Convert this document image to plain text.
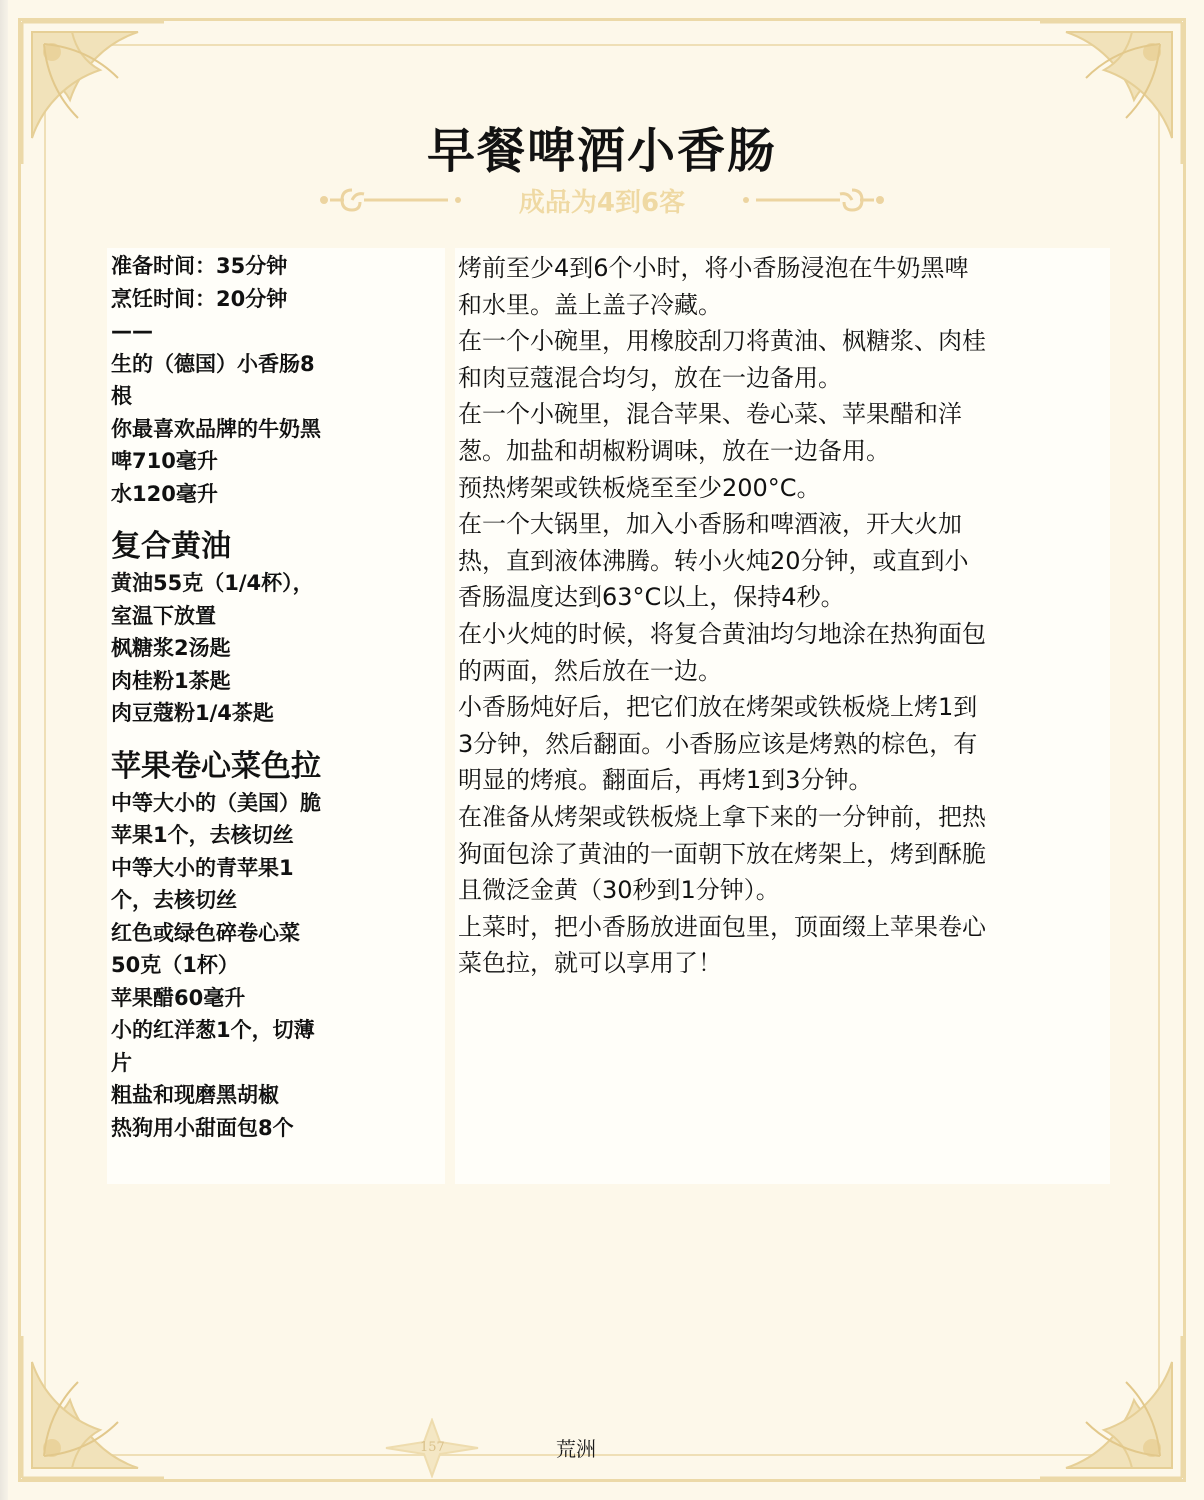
早餐啤酒小香肠
成品为4到6客
准备时间：35分钟
烹饪时间：20分钟
——
生的（德国）小香肠8
根
你最喜欢品牌的牛奶黑
啤710毫升
水120毫升
复合黄油
黄油55克（1/4杯），
室温下放置
枫糖浆2汤匙
肉桂粉1茶匙
肉豆蔻粉1/4茶匙
苹果卷心菜色拉
中等大小的（美国）脆
苹果1个，去核切丝
中等大小的青苹果1
个，去核切丝
红色或绿色碎卷心菜
50克（1杯）
苹果醋60毫升
小的红洋葱1个，切薄
片
粗盐和现磨黑胡椒
热狗用小甜面包8个
烤前至少4到6个小时，将小香肠浸泡在牛奶黑啤
和水里。盖上盖子冷藏。
在一个小碗里，用橡胶刮刀将黄油、枫糖浆、肉桂
和肉豆蔻混合均匀，放在一边备用。
在一个小碗里，混合苹果、卷心菜、苹果醋和洋
葱。加盐和胡椒粉调味，放在一边备用。
预热烤架或铁板烧至至少200°C。
在一个大锅里，加入小香肠和啤酒液，开大火加
热，直到液体沸腾。转小火炖20分钟，或直到小
香肠温度达到63°C以上，保持4秒。
在小火炖的时候，将复合黄油均匀地涂在热狗面包
的两面，然后放在一边。
小香肠炖好后，把它们放在烤架或铁板烧上烤1到
3分钟，然后翻面。小香肠应该是烤熟的棕色，有
明显的烤痕。翻面后，再烤1到3分钟。
在准备从烤架或铁板烧上拿下来的一分钟前，把热
狗面包涂了黄油的一面朝下放在烤架上，烤到酥脆
且微泛金黄（30秒到1分钟）。
上菜时，把小香肠放进面包里，顶面缀上苹果卷心
菜色拉，就可以享用了！
157	荒洲
